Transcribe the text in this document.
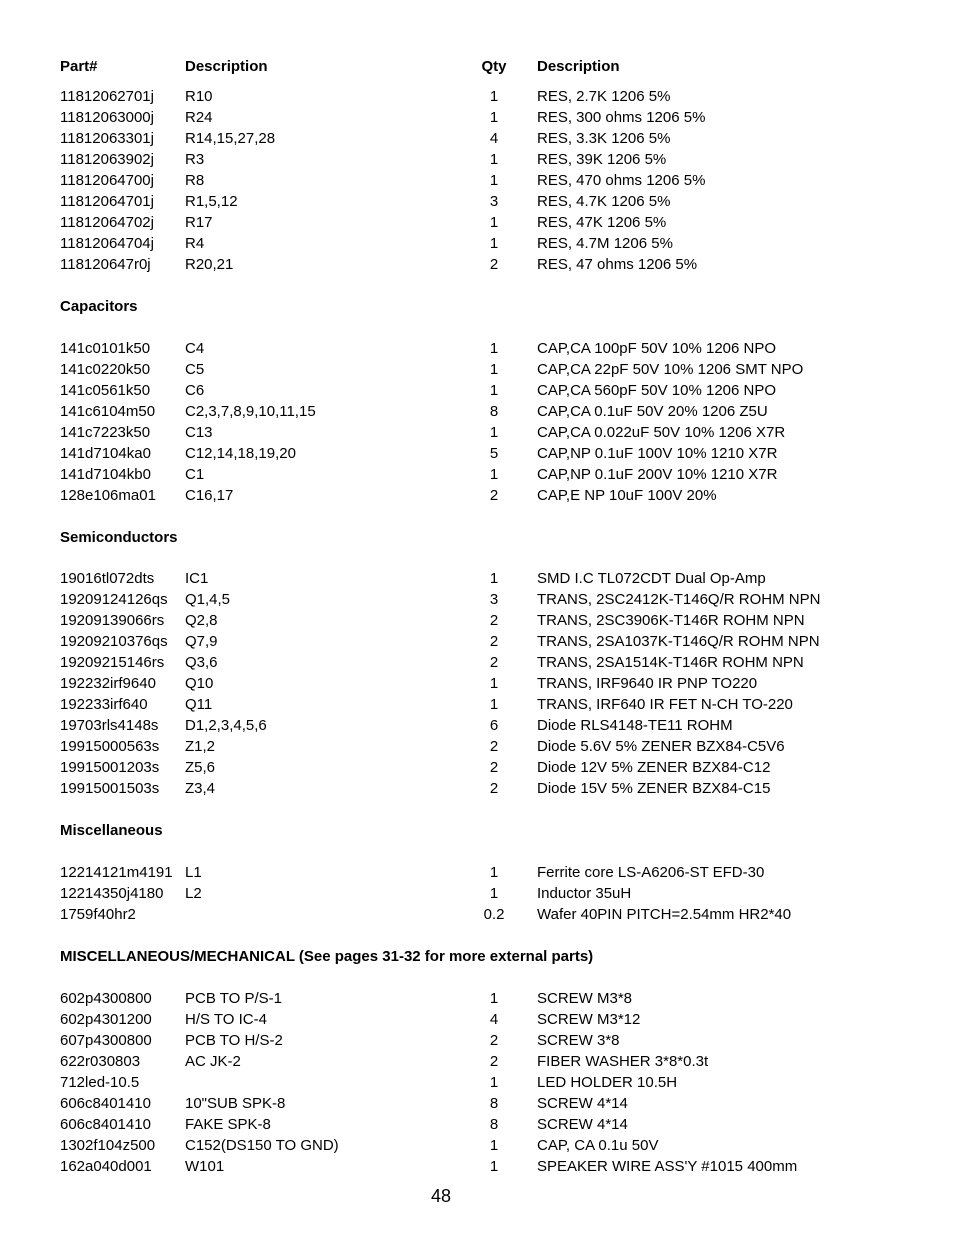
Part#	Description	Qty	Description
11812062701j R10	1	RES, 2.7K 1206 5%
11812063000j R24	1	RES, 300 ohms 1206 5%
11812063301j R14,15,27,28	4	RES, 3.3K 1206 5%
11812063902j R3	1	RES, 39K 1206 5%
11812064700j R8	1	RES, 470 ohms 1206 5%
11812064701j R1,5,12	3	RES, 4.7K 1206 5%
11812064702j R17	1	RES, 47K 1206 5%
11812064704j R4	1	RES, 4.7M 1206 5%
118120647r0j R20,21	2	RES, 47 ohms 1206 5%
Capacitors
141c0101k50 C4	1	CAP,CA 100pF 50V 10% 1206 NPO
141c0220k50 C5	1	CAP,CA 22pF 50V 10% 1206 SMT NPO
141c0561k50 C6	1	CAP,CA 560pF 50V 10% 1206 NPO
141c6104m50 C2,3,7,8,9,10,11,15	8	CAP,CA 0.1uF 50V 20% 1206 Z5U
141c7223k50 C13	1	CAP,CA 0.022uF 50V 10% 1206 X7R
141d7104ka0 C12,14,18,19,20	5	CAP,NP 0.1uF 100V 10% 1210 X7R
141d7104kb0 C1	1	CAP,NP 0.1uF 200V 10% 1210 X7R
128e106ma01 C16,17	2	CAP,E NP 10uF 100V 20%
Semiconductors
19016tl072dts IC1	1	SMD I.C TL072CDT Dual Op-Amp
19209124126qs Q1,4,5	3	TRANS, 2SC2412K-T146Q/R ROHM NPN
19209139066rs Q2,8	2	TRANS, 2SC3906K-T146R ROHM NPN
19209210376qs Q7,9	2	TRANS, 2SA1037K-T146Q/R ROHM NPN
19209215146rs Q3,6	2	TRANS, 2SA1514K-T146R ROHM NPN
192232irf9640 Q10	1	TRANS, IRF9640 IR PNP TO220
192233irf640 Q11	1	TRANS, IRF640 IR FET N-CH TO-220
19703rls4148s D1,2,3,4,5,6	6	Diode RLS4148-TE11 ROHM
19915000563s Z1,2	2	Diode 5.6V 5% ZENER BZX84-C5V6
19915001203s Z5,6	2	Diode 12V 5% ZENER BZX84-C12
19915001503s Z3,4	2	Diode 15V 5% ZENER BZX84-C15
Miscellaneous
12214121m4191 L1	1	Ferrite core LS-A6206-ST EFD-30
12214350j4180 L2	1	Inductor 35uH
1759f40hr2	0.2	Wafer 40PIN PITCH=2.54mm HR2*40
MISCELLANEOUS/MECHANICAL (See pages 31-32 for more external parts)
602p4300800 PCB TO P/S-1	1	SCREW M3*8
602p4301200 H/S TO IC-4	4	SCREW M3*12
607p4300800 PCB TO H/S-2	2	SCREW 3*8
622r030803	AC JK-2	2	FIBER WASHER 3*8*0.3t
712led-10.5	1	LED HOLDER 10.5H
606c8401410 10"SUB SPK-8	8	SCREW 4*14
606c8401410 FAKE SPK-8	8	SCREW 4*14
1302f104z500 C152(DS150 TO GND)	1	CAP, CA 0.1u 50V
162a040d001 W101	1	SPEAKER WIRE ASS'Y #1015 400mm
48
